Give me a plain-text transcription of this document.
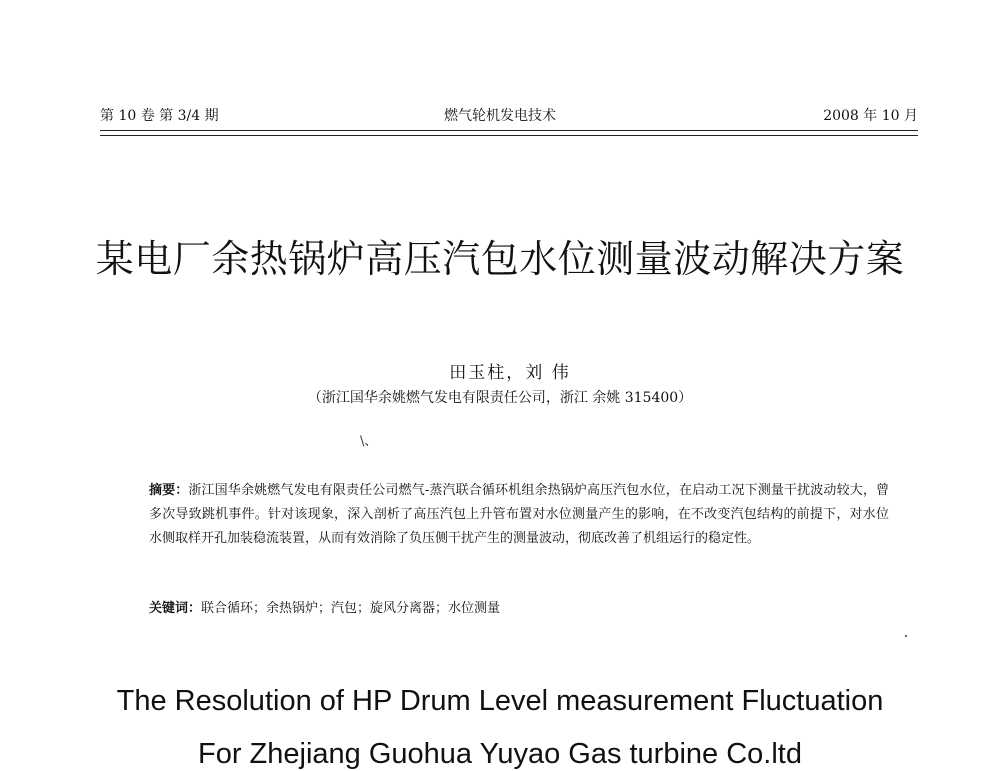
第 10 卷 第 3/4 期	燃气轮机发电技术	2008 年 10 月
某电厂余热锅炉高压汽包水位测量波动解决方案
田玉柱，刘 伟
（浙江国华余姚燃气发电有限责任公司，浙江 余姚 315400）
\、
摘要：浙江国华余姚燃气发电有限责任公司燃气-蒸汽联合循环机组余热锅炉高压汽包水位，在启动工况下测量干扰波动较大，曾多次导致跳机事件。针对该现象，深入剖析了高压汽包上升管布置对水位测量产生的影响，在不改变汽包结构的前提下，对水位水侧取样开孔加装稳流装置，从而有效消除了负压侧干扰产生的测量波动，彻底改善了机组运行的稳定性。
关键词：联合循环；余热锅炉；汽包；旋风分离器；水位测量
The Resolution of HP Drum Level measurement Fluctuation
For Zhejiang Guohua Yuyao Gas turbine Co.ltd
